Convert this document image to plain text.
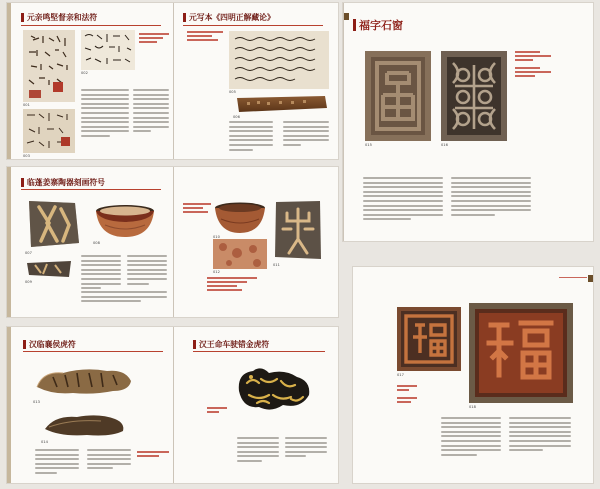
元亲鸣堅督亲和法符
001
002
003
元写本《四明正解藏论》
005
006
临蓬姜寨陶器刻画符号
007
008
009
010
011
012
汉临襄侯虎符
013
014
汉王命车驶错金虎符
福字石窗
015	016
017
018
